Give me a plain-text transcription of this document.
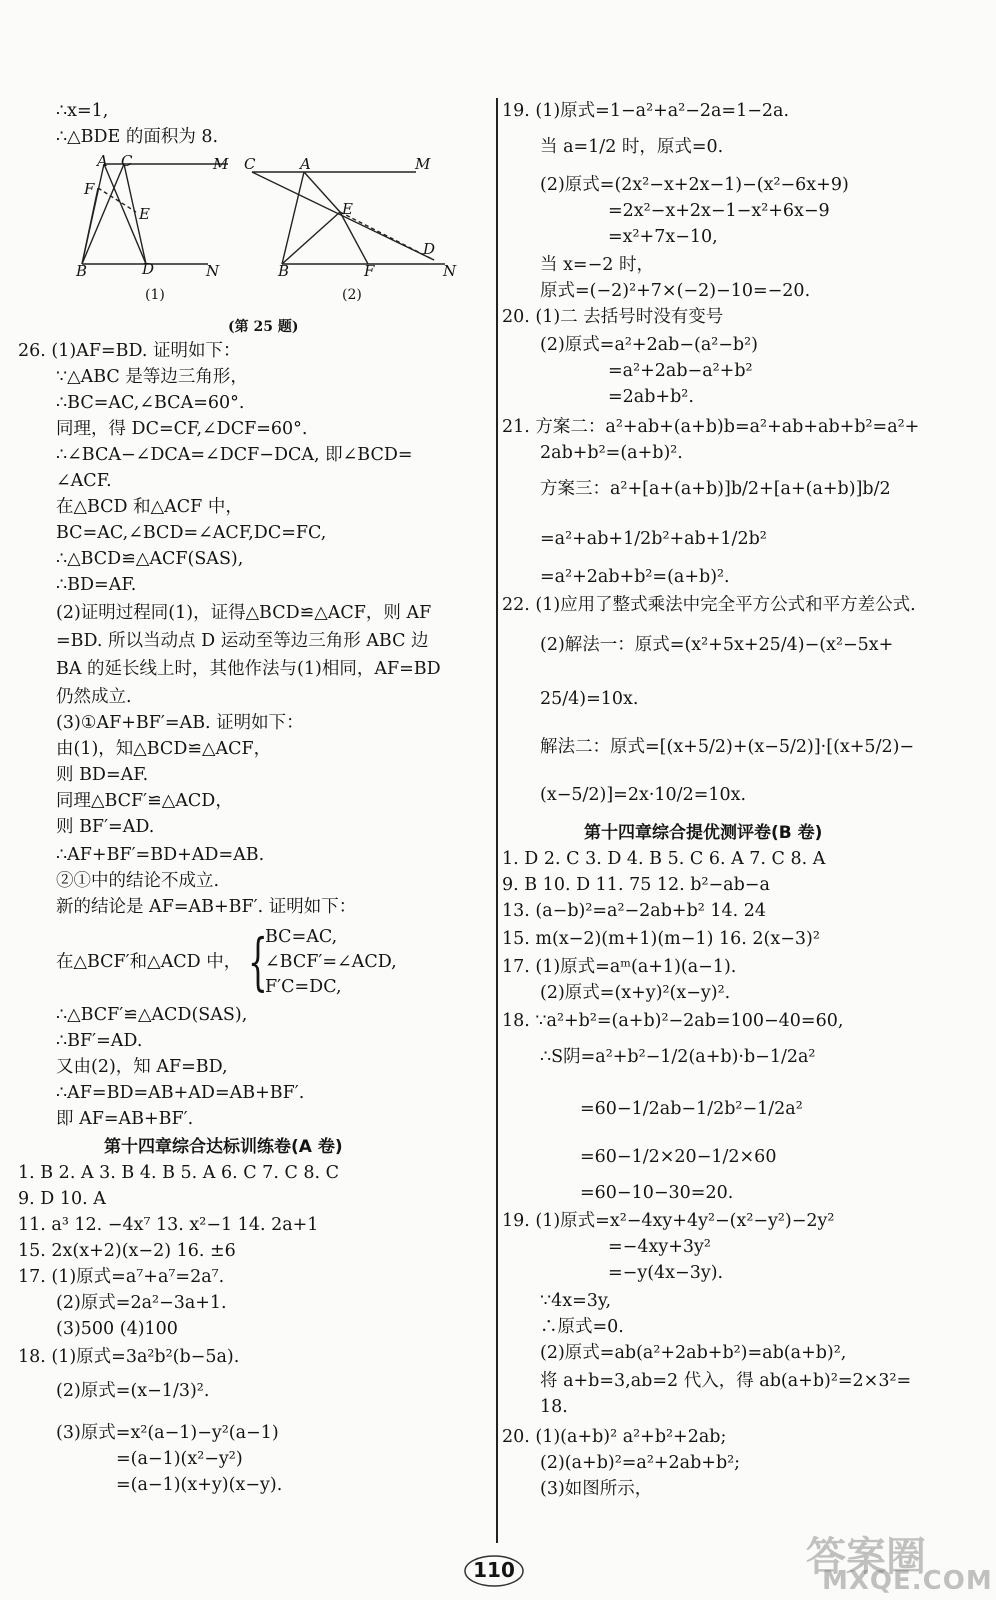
A C	M
F
E
B	D	N
C	A	M
E
D
B	F	N
(1)	(2)
(第 25 题)
∴x=1,
∴△BDE 的面积为 8.
26. (1)AF=BD. 证明如下：
∵△ABC 是等边三角形，
∴BC=AC,∠BCA=60°.
同理，得 DC=CF,∠DCF=60°.
∴∠BCA−∠DCA=∠DCF−DCA, 即∠BCD=
∠ACF.
在△BCD 和△ACF 中，
BC=AC,∠BCD=∠ACF,DC=FC,
∴△BCD≌△ACF(SAS),
∴BD=AF.
(2)证明过程同(1)，证得△BCD≌△ACF，则 AF
=BD. 所以当动点 D 运动至等边三角形 ABC 边
BA 的延长线上时，其他作法与(1)相同，AF=BD
仍然成立.
(3)①AF+BF′=AB. 证明如下：
由(1)，知△BCD≌△ACF，
则 BD=AF.
同理△BCF′≌△ACD，
则 BF′=AD.
∴AF+BF′=BD+AD=AB.
②①中的结论不成立.
新的结论是 AF=AB+BF′. 证明如下：
BC=AC,
在△BCF′和△ACD 中， {
∠BCF′=∠ACD,
F′C=DC,
∴△BCF′≌△ACD(SAS),
∴BF′=AD.
又由(2)，知 AF=BD,
∴AF=BD=AB+AD=AB+BF′.
即 AF=AB+BF′.
第十四章综合达标训练卷(A 卷)
1. B 2. A 3. B 4. B 5. A 6. C 7. C 8. C
9. D 10. A
11. a³ 12. −4x⁷ 13. x²−1 14. 2a+1
15. 2x(x+2)(x−2) 16. ±6
17. (1)原式=a⁷+a⁷=2a⁷.
(2)原式=2a²−3a+1.
(3)500 (4)100
18. (1)原式=3a²b²(b−5a).
(2)原式=(x−1/3)².
(3)原式=x²(a−1)−y²(a−1)
=(a−1)(x²−y²)
=(a−1)(x+y)(x−y).
19. (1)原式=1−a²+a²−2a=1−2a.
当 a=1/2 时，原式=0.
(2)原式=(2x²−x+2x−1)−(x²−6x+9)
=2x²−x+2x−1−x²+6x−9
=x²+7x−10,
当 x=−2 时，
原式=(−2)²+7×(−2)−10=−20.
20. (1)二 去括号时没有变号
(2)原式=a²+2ab−(a²−b²)
=a²+2ab−a²+b²
=2ab+b².
21. 方案二：a²+ab+(a+b)b=a²+ab+ab+b²=a²+
2ab+b²=(a+b)².
方案三：a²+[a+(a+b)]b/2+[a+(a+b)]b/2
=a²+ab+1/2b²+ab+1/2b²
=a²+2ab+b²=(a+b)².
22. (1)应用了整式乘法中完全平方公式和平方差公式.
(2)解法一：原式=(x²+5x+25/4)−(x²−5x+
25/4)=10x.
解法二：原式=[(x+5/2)+(x−5/2)]·[(x+5/2)−
(x−5/2)]=2x·10/2=10x.
第十四章综合提优测评卷(B 卷)
1. D 2. C 3. D 4. B 5. C 6. A 7. C 8. A
9. B 10. D 11. 75 12. b²−ab−a
13. (a−b)²=a²−2ab+b² 14. 24
15. m(x−2)(m+1)(m−1) 16. 2(x−3)²
17. (1)原式=aᵐ(a+1)(a−1).
(2)原式=(x+y)²(x−y)².
18. ∵a²+b²=(a+b)²−2ab=100−40=60,
∴S阴=a²+b²−1/2(a+b)·b−1/2a²
=60−1/2ab−1/2b²−1/2a²
=60−1/2×20−1/2×60
=60−10−30=20.
19. (1)原式=x²−4xy+4y²−(x²−y²)−2y²
=−4xy+3y²
=−y(4x−3y).
∵4x=3y,
∴原式=0.
(2)原式=ab(a²+2ab+b²)=ab(a+b)²,
将 a+b=3,ab=2 代入，得 ab(a+b)²=2×3²=
18.
20. (1)(a+b)² a²+b²+2ab;
(2)(a+b)²=a²+2ab+b²;
(3)如图所示，
110	答案圈
MXQE.COM
